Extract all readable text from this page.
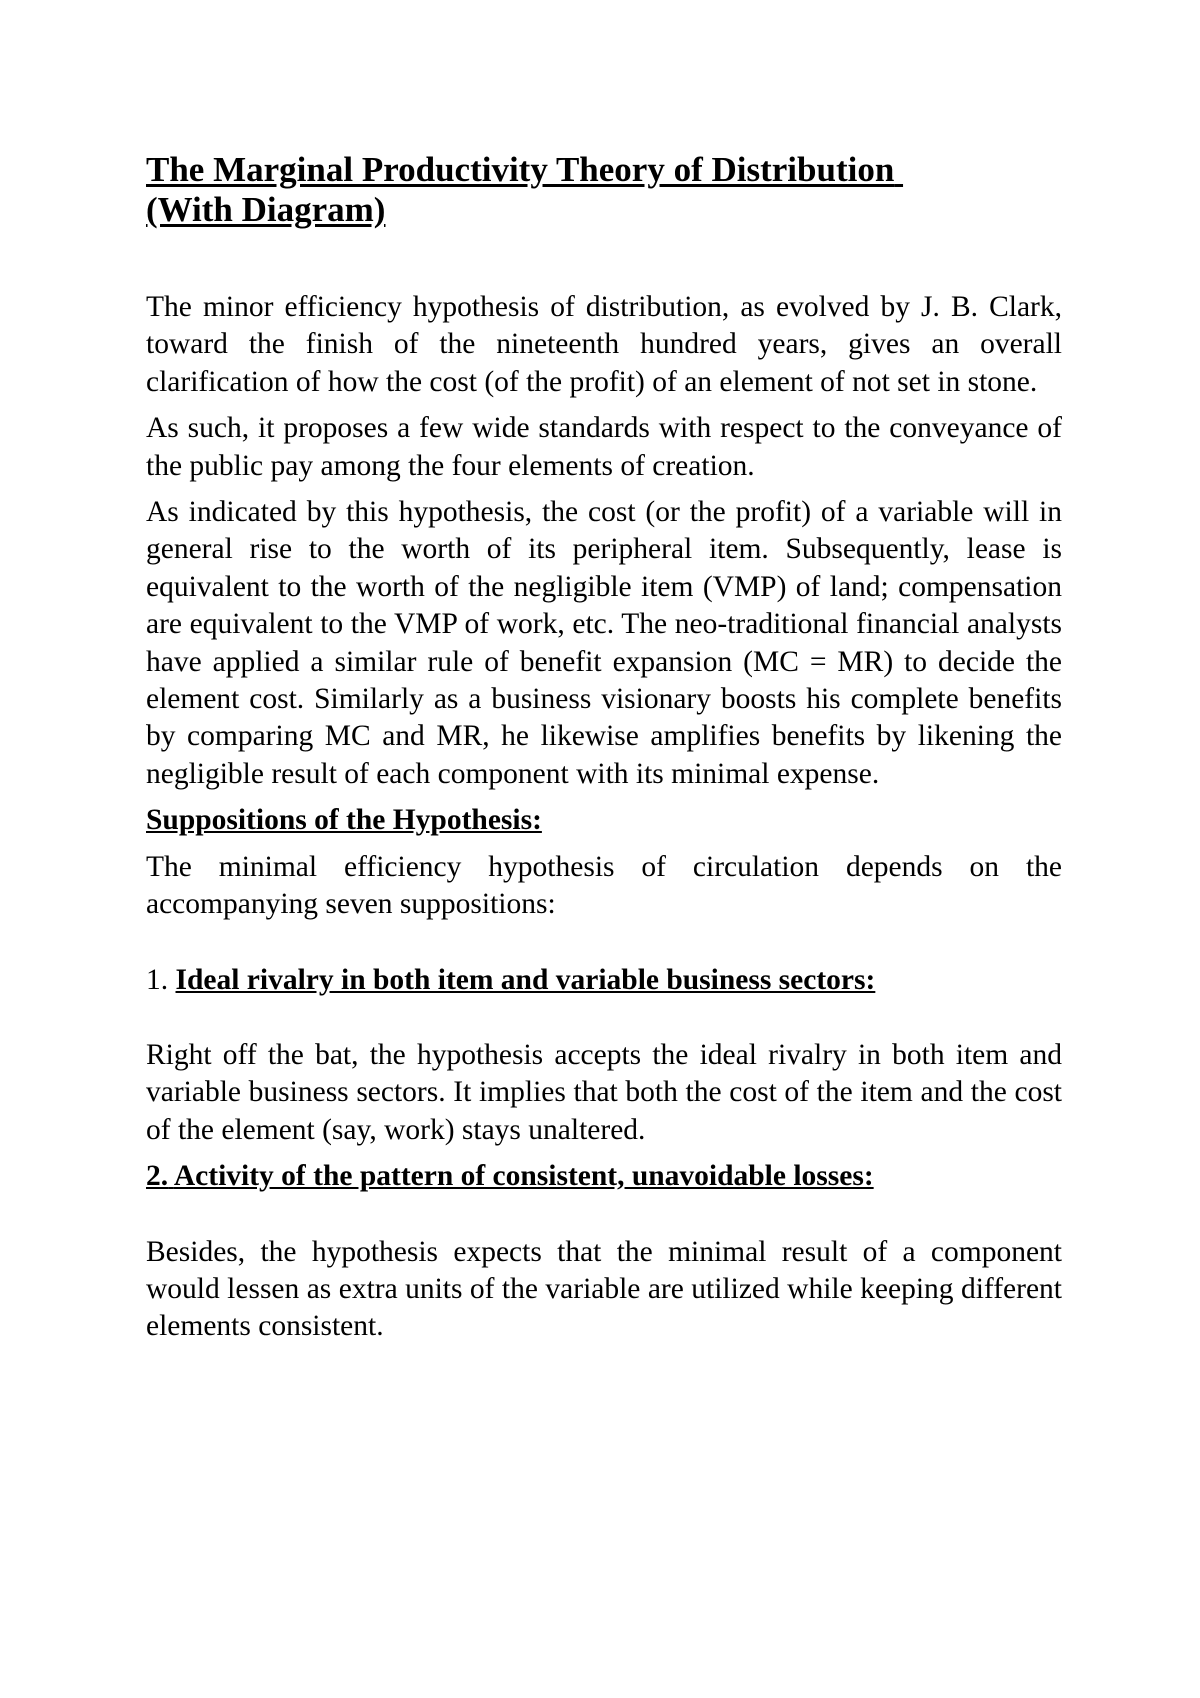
The Marginal Productivity Theory of Distribution
(With Diagram)

The minor efficiency hypothesis of distribution, as evolved by J. B. Clark, toward the finish of the nineteenth hundred years, gives an overall clarification of how the cost (of the profit) of an element of not set in stone.

As such, it proposes a few wide standards with respect to the conveyance of the public pay among the four elements of creation.

As indicated by this hypothesis, the cost (or the profit) of a variable will in general rise to the worth of its peripheral item. Subsequently, lease is equivalent to the worth of the negligible item (VMP) of land; compensation are equivalent to the VMP of work, etc. The neo-traditional financial analysts have applied a similar rule of benefit expansion (MC = MR) to decide the element cost. Similarly as a business visionary boosts his complete benefits by comparing MC and MR, he likewise amplifies benefits by likening the negligible result of each component with its minimal expense.

Suppositions of the Hypothesis:

The minimal efficiency hypothesis of circulation depends on the accompanying seven suppositions:

1. Ideal rivalry in both item and variable business sectors:

Right off the bat, the hypothesis accepts the ideal rivalry in both item and variable business sectors. It implies that both the cost of the item and the cost of the element (say, work) stays unaltered.

2. Activity of the pattern of consistent, unavoidable losses:

Besides, the hypothesis expects that the minimal result of a component would lessen as extra units of the variable are utilized while keeping different elements consistent.
